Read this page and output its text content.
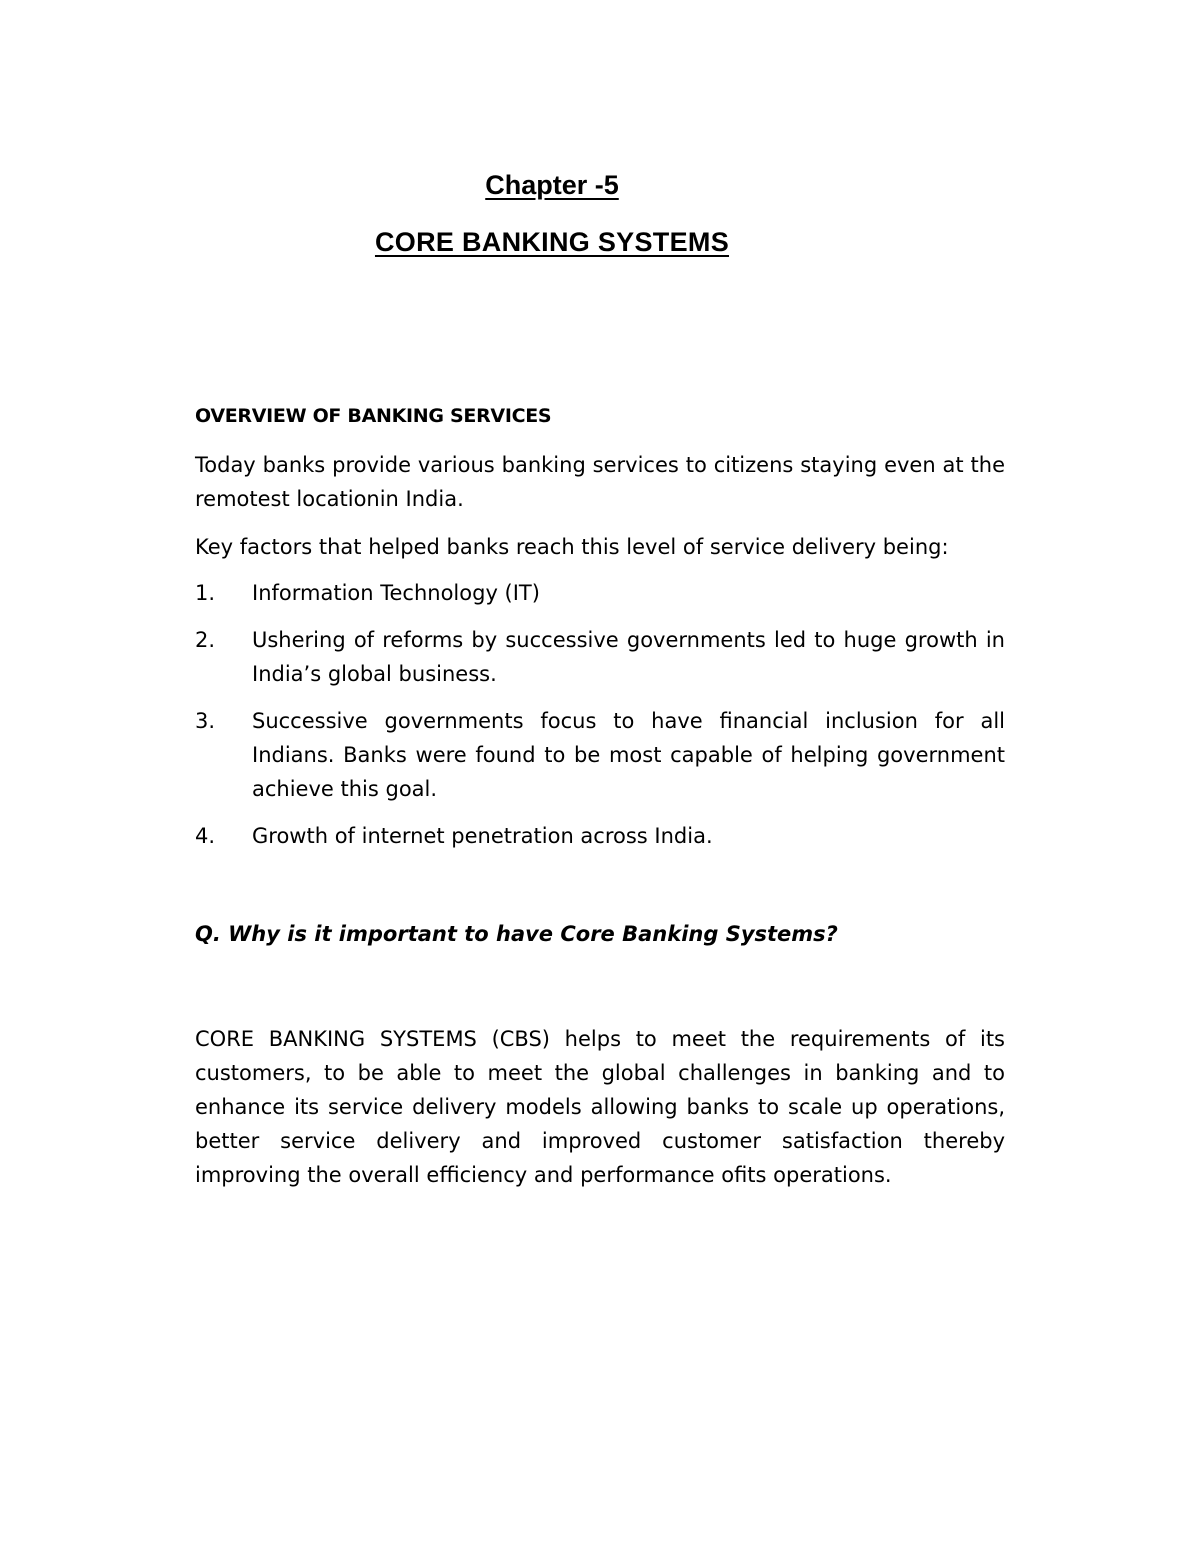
Chapter -5
CORE BANKING SYSTEMS
OVERVIEW OF BANKING SERVICES

Today banks provide various banking services to citizens staying even at the remotest locationin India.

Key factors that helped banks reach this level of service delivery being:

1. Information Technology (IT)
2. Ushering of reforms by successive governments led to huge growth in India’s global business.
3. Successive governments focus to have financial inclusion for all Indians. Banks were found to be most capable of helping government achieve this goal.
4. Growth of internet penetration across India.

Q. Why is it important to have Core Banking Systems?

CORE BANKING SYSTEMS (CBS) helps to meet the requirements of its customers, to be able to meet the global challenges in banking and to enhance its service delivery models allowing banks to scale up operations, better service delivery and improved customer satisfaction thereby improving the overall efficiency and performance ofits operations.
